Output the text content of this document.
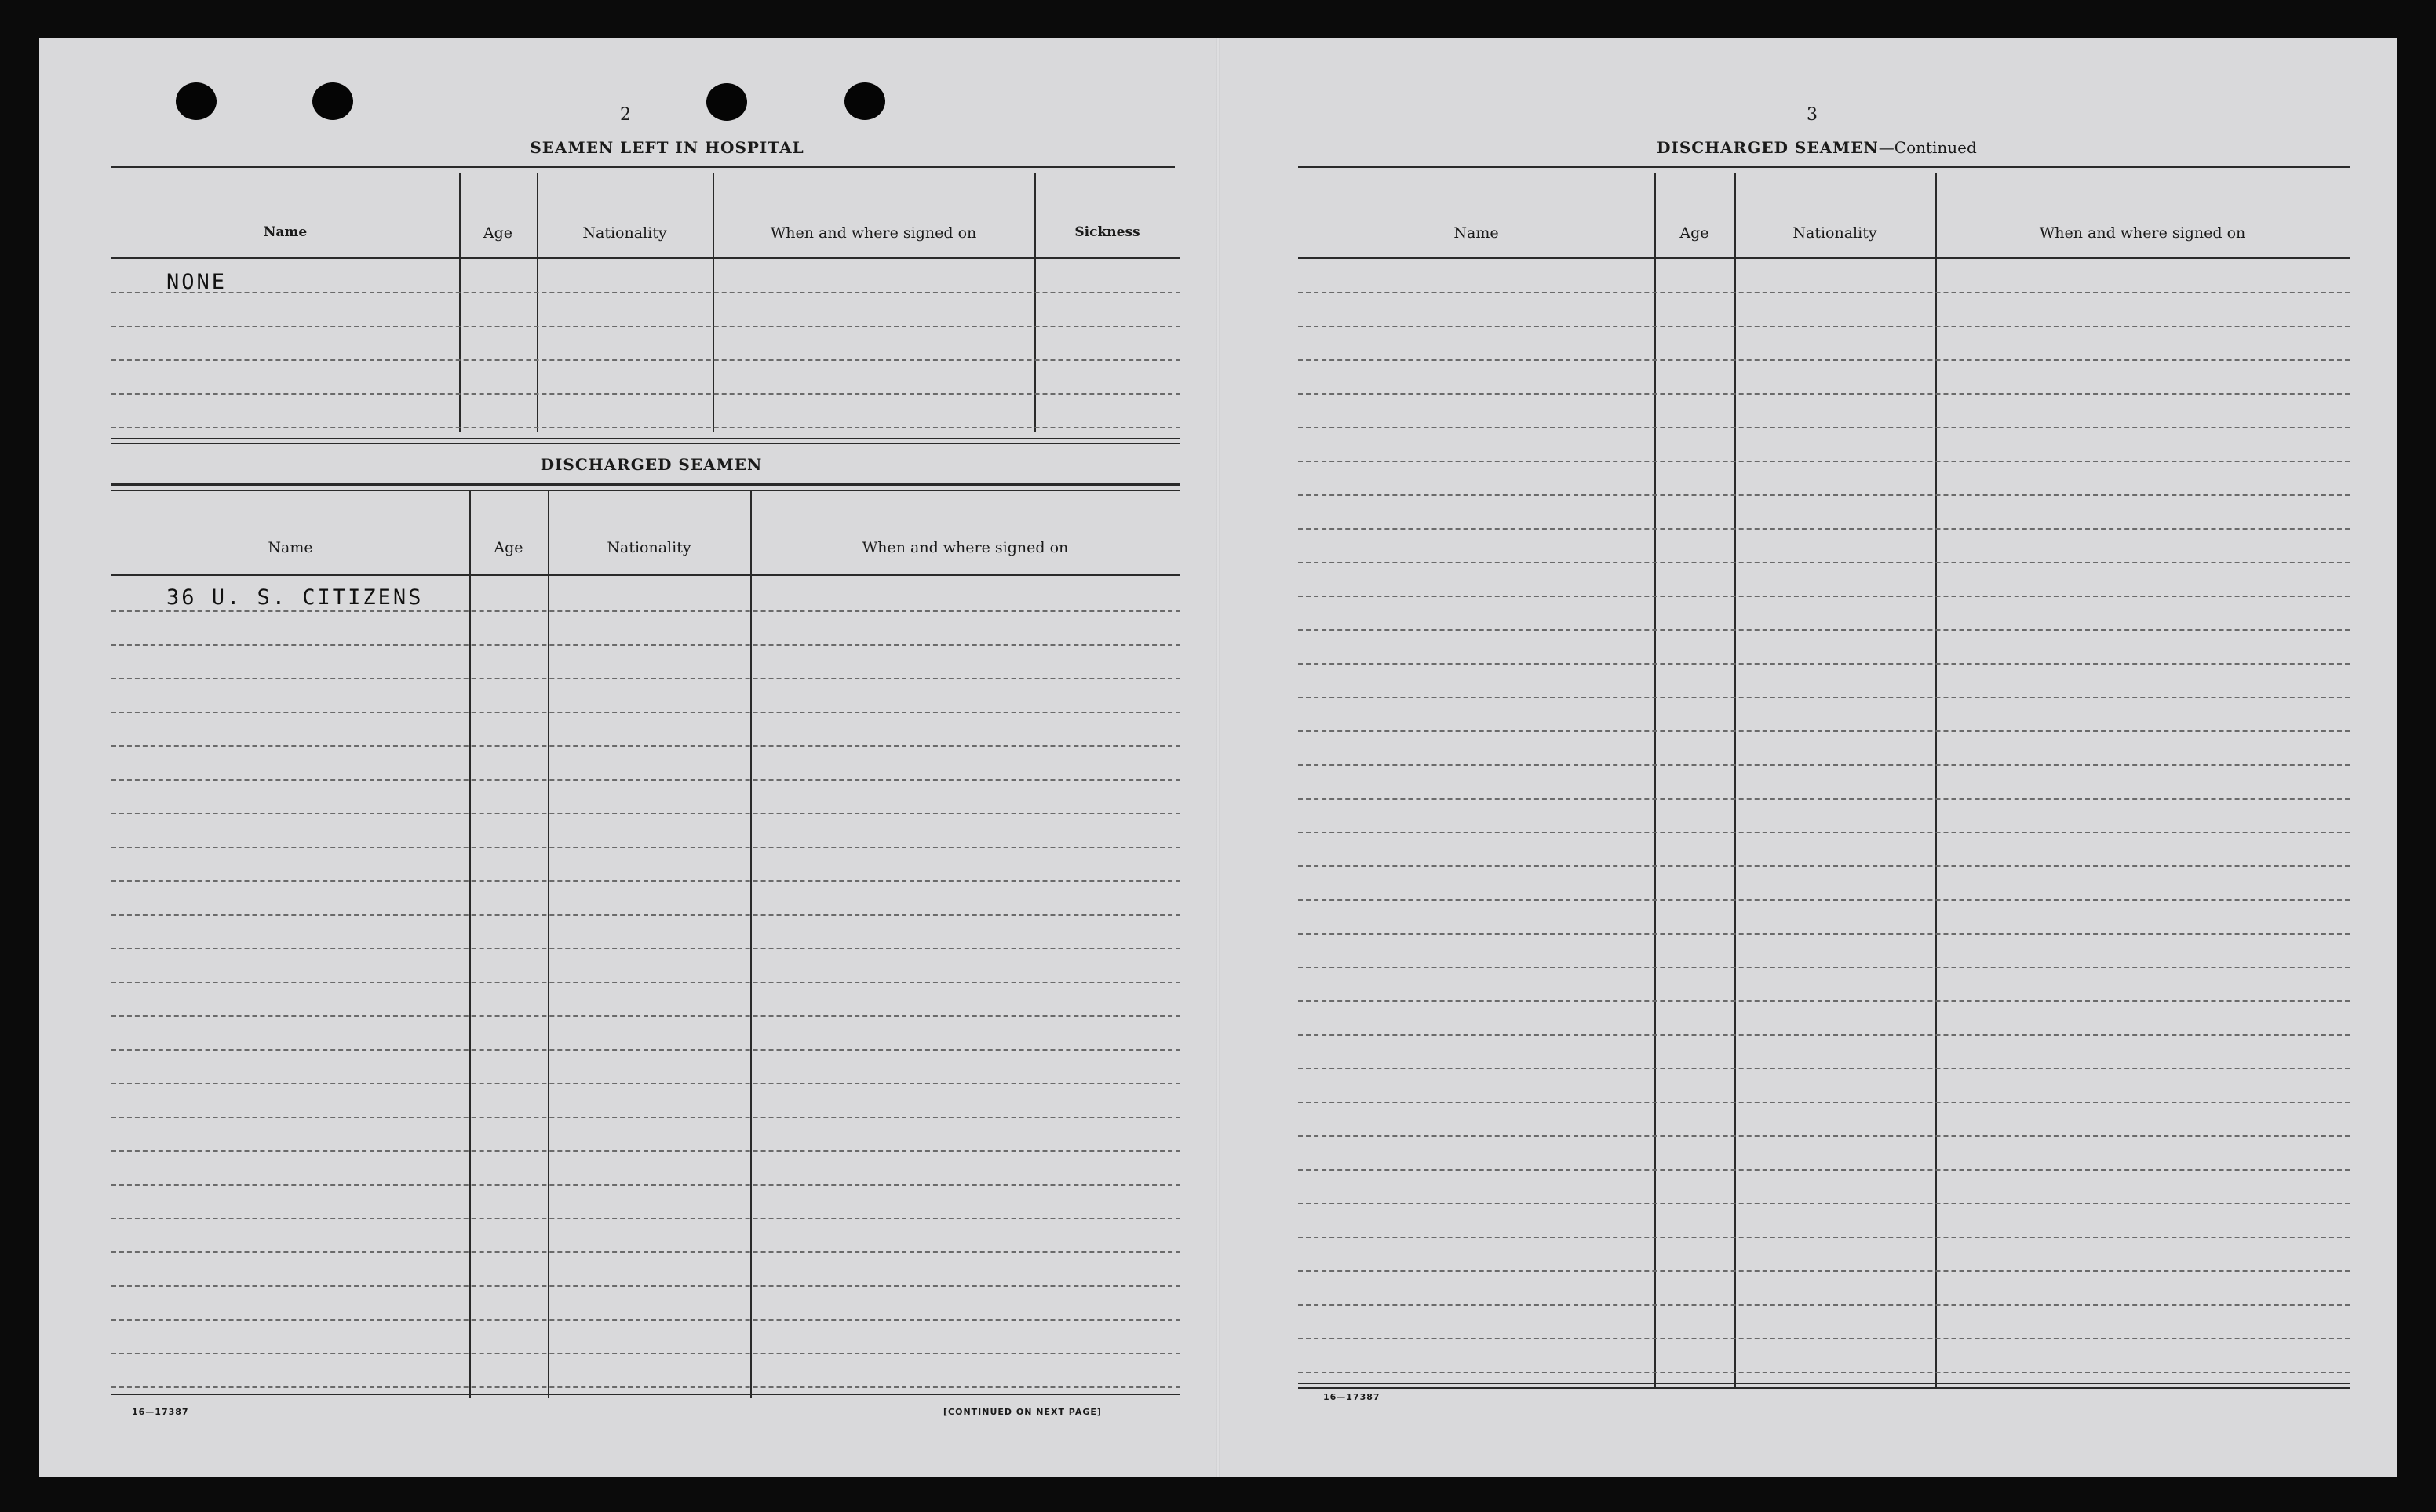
2
SEAMEN LEFT IN HOSPITAL
Name	Age	Nationality	When and where signed on	Sickness
NONE
DISCHARGED SEAMEN
Name	Age	Nationality	When and where signed on
36 U. S. CITIZENS
16—17387	[CONTINUED ON NEXT PAGE]
3
DISCHARGED SEAMEN—Continued
Name	Age	Nationality	When and where signed on
16—17387
